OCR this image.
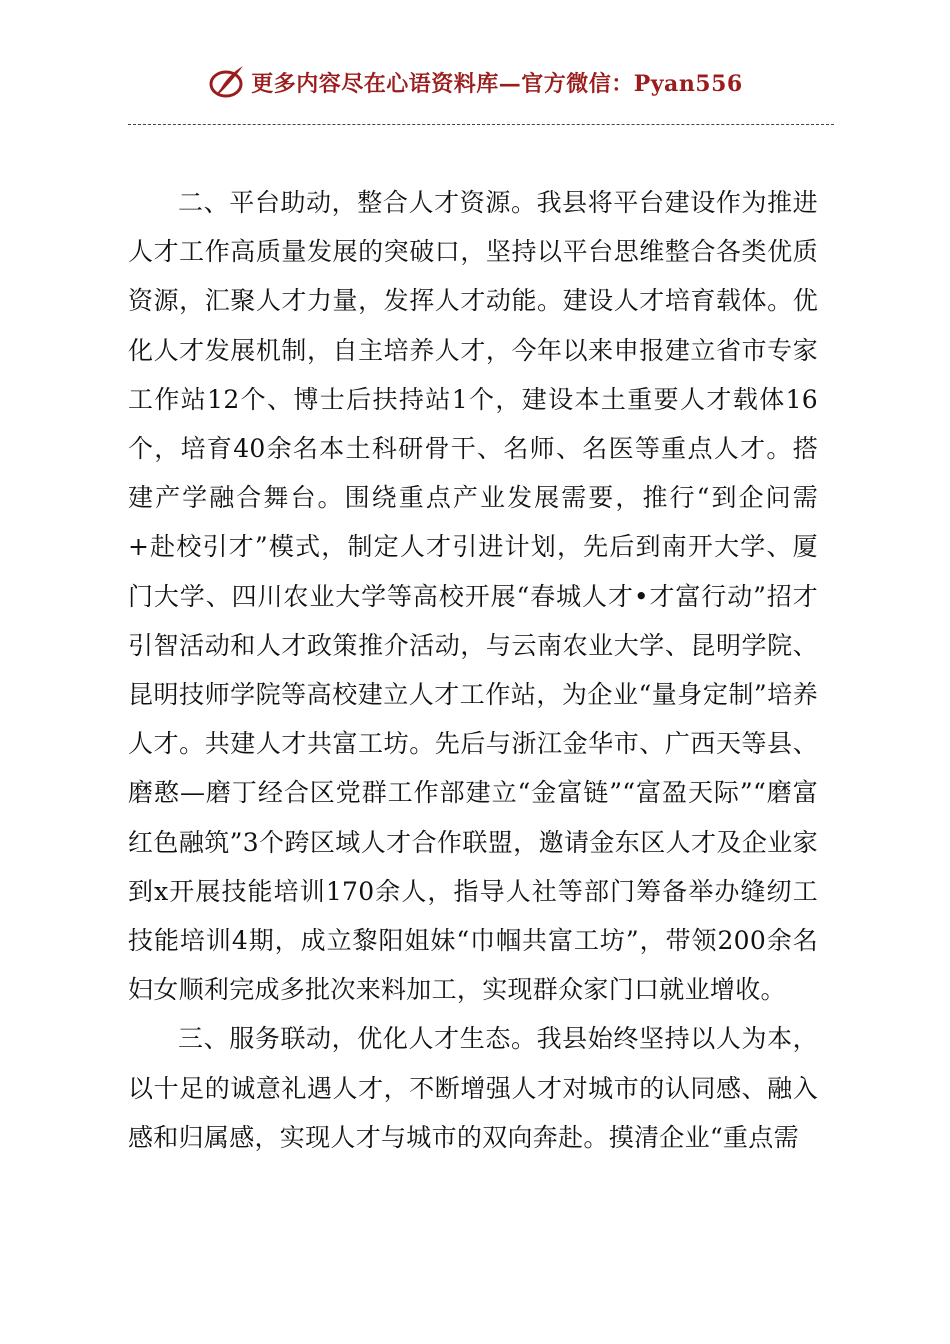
更多内容尽在心语资料库—官方微信：Pyan556

二、平台助动，整合人才资源。我县将平台建设作为推进人才工作高质量发展的突破口，坚持以平台思维整合各类优质资源，汇聚人才力量，发挥人才动能。建设人才培育载体。优化人才发展机制，自主培养人才，今年以来申报建立省市专家工作站12个、博士后扶持站1个，建设本土重要人才载体16个，培育40余名本土科研骨干、名师、名医等重点人才。搭建产学融合舞台。围绕重点产业发展需要，推行“到企问需+赴校引才”模式，制定人才引进计划，先后到南开大学、厦门大学、四川农业大学等高校开展“春城人才•才富行动”招才引智活动和人才政策推介活动，与云南农业大学、昆明学院、昆明技师学院等高校建立人才工作站，为企业“量身定制”培养人才。共建人才共富工坊。先后与浙江金华市、广西天等县、磨憨—磨丁经合区党群工作部建立“金富链”“富盈天际”“磨富红色融筑”3个跨区域人才合作联盟，邀请金东区人才及企业家到x开展技能培训170余人，指导人社等部门筹备举办缝纫工技能培训4期，成立黎阳姐妹“巾帼共富工坊”，带领200余名妇女顺利完成多批次来料加工，实现群众家门口就业增收。

三、服务联动，优化人才生态。我县始终坚持以人为本，以十足的诚意礼遇人才，不断增强人才对城市的认同感、融入感和归属感，实现人才与城市的双向奔赴。摸清企业“重点需
